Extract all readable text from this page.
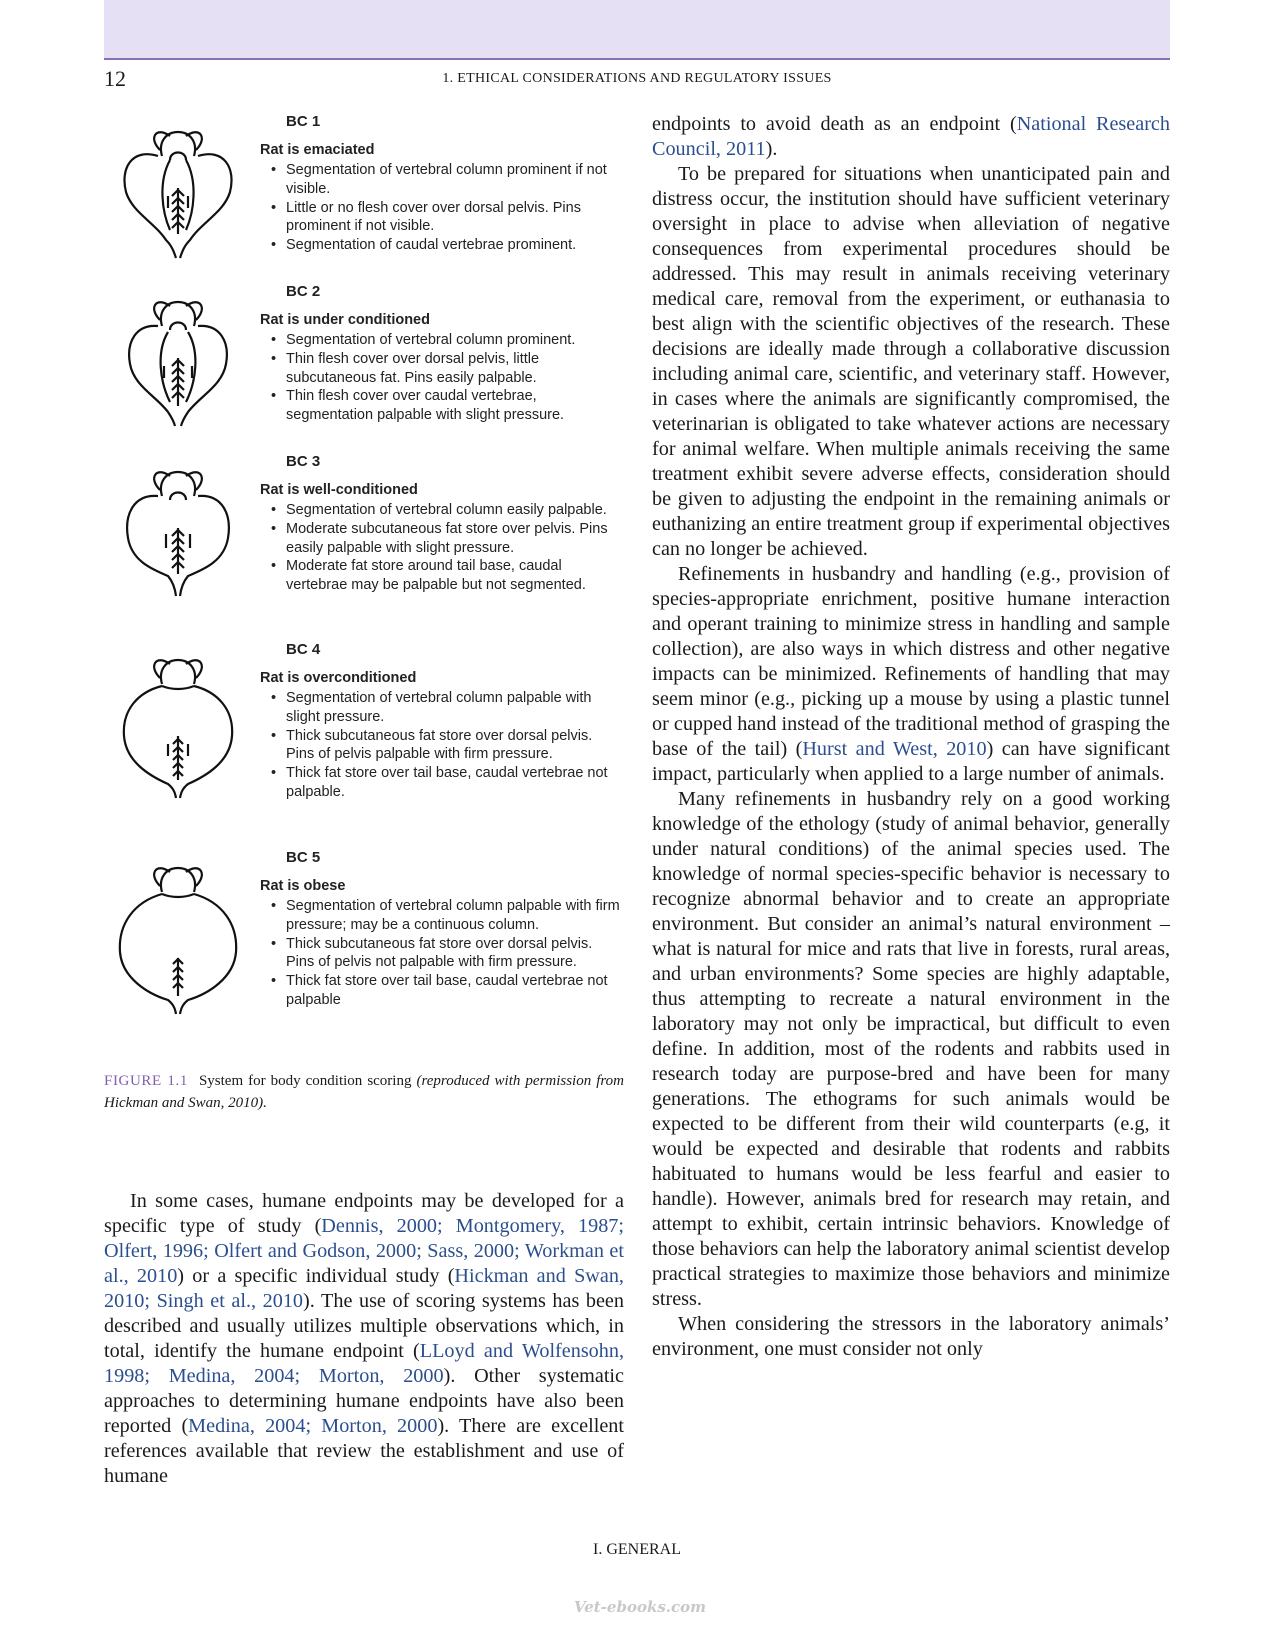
12	1. ETHICAL CONSIDERATIONS AND REGULATORY ISSUES
BC 1
Rat is emaciated
• Segmentation of vertebral column prominent if not visible.
• Little or no flesh cover over dorsal pelvis. Pins prominent if not visible.
• Segmentation of caudal vertebrae prominent.
BC 2
Rat is under conditioned
• Segmentation of vertebral column prominent.
• Thin flesh cover over dorsal pelvis, little subcutaneous fat. Pins easily palpable.
• Thin flesh cover over caudal vertebrae, segmentation palpable with slight pressure.
BC 3
Rat is well-conditioned
• Segmentation of vertebral column easily palpable.
• Moderate subcutaneous fat store over pelvis. Pins easily palpable with slight pressure.
• Moderate fat store around tail base, caudal vertebrae may be palpable but not segmented.
BC 4
Rat is overconditioned
• Segmentation of vertebral column palpable with slight pressure.
• Thick subcutaneous fat store over dorsal pelvis. Pins of pelvis palpable with firm pressure.
• Thick fat store over tail base, caudal vertebrae not palpable.
BC 5
Rat is obese
• Segmentation of vertebral column palpable with firm pressure; may be a continuous column.
• Thick subcutaneous fat store over dorsal pelvis. Pins of pelvis not palpable with firm pressure.
• Thick fat store over tail base, caudal vertebrae not palpable
FIGURE 1.1 System for body condition scoring (reproduced with permission from Hickman and Swan, 2010).

In some cases, humane endpoints may be developed for a specific type of study (Dennis, 2000; Montgomery, 1987; Olfert, 1996; Olfert and Godson, 2000; Sass, 2000; Workman et al., 2010) or a specific individual study (Hickman and Swan, 2010; Singh et al., 2010). The use of scoring systems has been described and usually utilizes multiple observations which, in total, identify the humane endpoint (LLoyd and Wolfensohn, 1998; Medina, 2004; Morton, 2000). Other systematic approaches to determining humane endpoints have also been reported (Medina, 2004; Morton, 2000). There are excellent references available that review the establishment and use of humane

endpoints to avoid death as an endpoint (National Research Council, 2011).

To be prepared for situations when unanticipated pain and distress occur, the institution should have sufficient veterinary oversight in place to advise when alleviation of negative consequences from experimental procedures should be addressed. This may result in animals receiving veterinary medical care, removal from the experiment, or euthanasia to best align with the scientific objectives of the research. These decisions are ideally made through a collaborative discussion including animal care, scientific, and veterinary staff. However, in cases where the animals are significantly compromised, the veterinarian is obligated to take whatever actions are necessary for animal welfare. When multiple animals receiving the same treatment exhibit severe adverse effects, consideration should be given to adjusting the endpoint in the remaining animals or euthanizing an entire treatment group if experimental objectives can no longer be achieved.

Refinements in husbandry and handling (e.g., provision of species-appropriate enrichment, positive humane interaction and operant training to minimize stress in handling and sample collection), are also ways in which distress and other negative impacts can be minimized. Refinements of handling that may seem minor (e.g., picking up a mouse by using a plastic tunnel or cupped hand instead of the traditional method of grasping the base of the tail) (Hurst and West, 2010) can have significant impact, particularly when applied to a large number of animals.

Many refinements in husbandry rely on a good working knowledge of the ethology (study of animal behavior, generally under natural conditions) of the animal species used. The knowledge of normal species-specific behavior is necessary to recognize abnormal behavior and to create an appropriate environment. But consider an animal’s natural environment – what is natural for mice and rats that live in forests, rural areas, and urban environments? Some species are highly adaptable, thus attempting to recreate a natural environment in the laboratory may not only be impractical, but difficult to even define. In addition, most of the rodents and rabbits used in research today are purpose-bred and have been for many generations. The ethograms for such animals would be expected to be different from their wild counterparts (e.g, it would be expected and desirable that rodents and rabbits habituated to humans would be less fearful and easier to handle). However, animals bred for research may retain, and attempt to exhibit, certain intrinsic behaviors. Knowledge of those behaviors can help the laboratory animal scientist develop practical strategies to maximize those behaviors and minimize stress.

When considering the stressors in the laboratory animals’ environment, one must consider not only

I. GENERAL
Vet-ebooks.com
